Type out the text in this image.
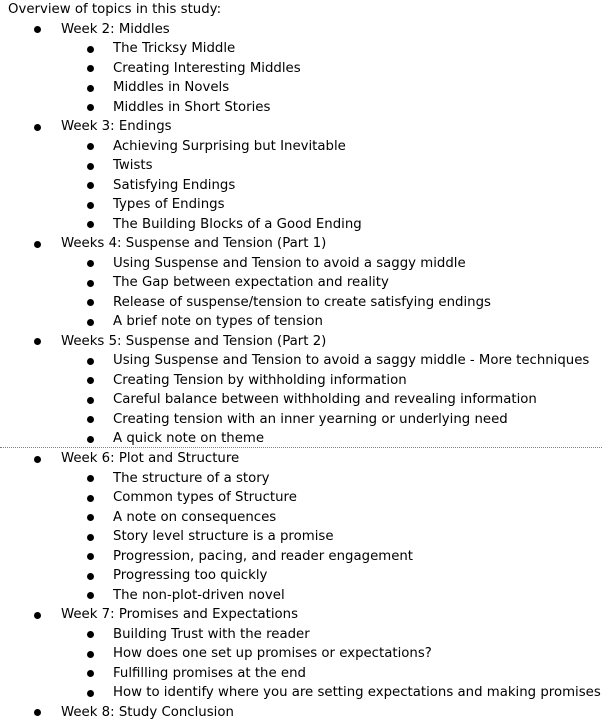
Overview of topics in this study:
Week 2: Middles
The Tricksy Middle
Creating Interesting Middles
Middles in Novels
Middles in Short Stories
Week 3: Endings
Achieving Surprising but Inevitable
Twists
Satisfying Endings
Types of Endings
The Building Blocks of a Good Ending
Weeks 4: Suspense and Tension (Part 1)
Using Suspense and Tension to avoid a saggy middle
The Gap between expectation and reality
Release of suspense/tension to create satisfying endings
A brief note on types of tension
Weeks 5: Suspense and Tension (Part 2)
Using Suspense and Tension to avoid a saggy middle - More techniques
Creating Tension by withholding information
Careful balance between withholding and revealing information
Creating tension with an inner yearning or underlying need
A quick note on theme
Week 6: Plot and Structure
The structure of a story
Common types of Structure
A note on consequences
Story level structure is a promise
Progression, pacing, and reader engagement
Progressing too quickly
The non-plot-driven novel
Week 7: Promises and Expectations
Building Trust with the reader
How does one set up promises or expectations?
Fulfilling promises at the end
How to identify where you are setting expectations and making promises
Week 8: Study Conclusion
